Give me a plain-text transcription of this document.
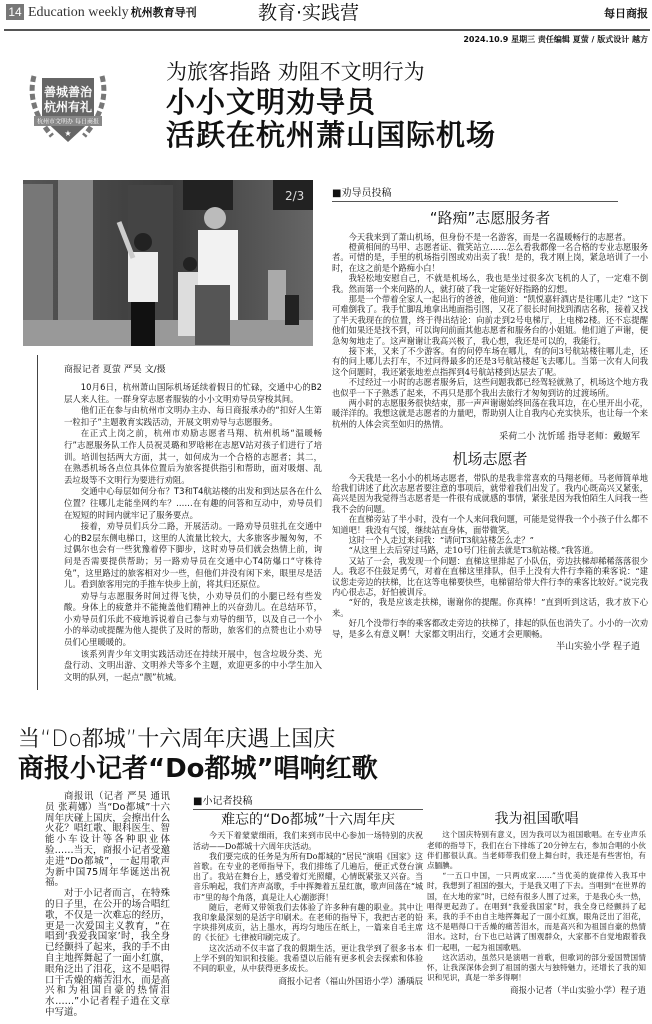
14 Education weekly 杭州教育导刊	教育·实践营	每日商报
2024.10.9 星期三 责任编辑 夏萤 / 版式设计 越方
善城善治
杭州有礼
杭州市文明办 每日商报
★
为旅客指路 劝阻不文明行为
小小文明劝导员
活跃在杭州萧山国际机场
2/3
商报记者 夏萤 严昊 文/摄

10月6日，杭州萧山国际机场延续着假日的忙碌，交通中心的B2层人来人往。一群身穿志愿者服装的小小文明劝导员穿梭其间。

他们正在参与由杭州市文明办主办、每日商报承办的“扣好人生第一粒扣子”主题教育实践活动，开展文明劝导与志愿服务。

在正式上岗之前，杭州市劝励志愿者马翔、杭州机场“温暖畅行”志愿服务队工作人员祝灵璐和罗晗彬在志愿V站对孩子们进行了培训。培训包括两大方面，其一，如何成为一个合格的志愿者；其二，在熟悉机场各点位具体位置后为旅客提供指引和帮助，面对吸烟、乱丢垃圾等不文明行为要进行劝阻。

交通中心每层如何分布？T3和T4航站楼的出发和到达层各在什么位置？往哪儿走能坐网约车？……在有趣的问答和互动中，劝导员们在短短的时间内就牢记了服务要点。

接着，劝导员们兵分二路，开展活动。一路劝导员驻扎在交通中心的B2层东侧电梯口，这里的人流量比较大，大多旅客步履匆匆，不过偶尔也会有一些犹豫着停下脚步，这时劝导员们就会热情上前，询问是否需要提供帮助；另一路劝导员在交通中心T4防爆口“守株待兔”，这里路过的旅客相对少一些，但他们并没有闲下来，眼里尽是活儿。看到旅客用完的手推车快步上前，将其归还原位。

劝导与志愿服务时间过得飞快，小劝导员们的小腿已经有些发酸。身体上的疲惫并不能掩盖他们精神上的兴奋劲儿。在总结环节，小劝导员们乐此不疲地诉说着自己参与劝导的细节，以及自己一个小小的举动或提醒为他人提供了及时的帮助，旅客们的点赞也让小劝导员们心里暖暖的。

该系列青少年文明实践活动还在持续开展中，包含垃圾分类、光盘行动、文明出游、文明养犬等多个主题，欢迎更多的中小学生加入文明的队列，一起点“靓”杭城。

■劝导员投稿
“路痴”志愿服务者

今天我来到了萧山机场，但身份不是一名游客，而是一名温暖畅行的志愿者。

橙黄相间的马甲、志愿者证、微笑站立……怎么看我都像一名合格的专业志愿服务者。可惜的是，手里的机场指引图或劝出卖了我！是的，我才刚上岗，紧急培训了一小时，在这之前是个路痴小白！

我轻松地安慰自己，不就是机场么，我也是坐过很多次飞机的人了，一定难不倒我。然而第一个来问路的人，就打破了我一定能好好指路的幻想。

那是一个带着全家人一起出行的爸爸，他问道：“凯悦嘉轩酒店是往哪儿走？”这下可难倒我了。我手忙脚乱地拿出地面指引图，又花了很长时间找到酒店名称，接着又找了半天我现在的位置，终于得出结论：向前走到2号电梯厅，上电梯2楼。还不忘提醒他们如果还是找不到，可以询问前面其他志愿者和服务台的小姐姐。他们道了声谢，便急匆匆地走了。这声谢谢让我高兴极了，我心想，我还是可以的，我能行。

接下来，又来了不少游客。有的问停车场在哪儿，有的问3号航站楼往哪儿走，还有的问上哪儿去打车，不过问得最多的还是3号航站楼起飞去哪儿。当第一次有人问我这个问题时，我还紧张地差点指挥到4号航站楼到达层去了呢。

不过经过一小时的志愿者服务后，这些问题我都已经驾轻就熟了，机场这个地方我也似乎一下子熟悉了起来，不再只是那个我出去旅行才匆匆到访的过渡场所。

两小时的志愿服务很快结束，那一声声谢谢始终回荡在我耳边，在心里开出小花，暖洋洋的。我想这就是志愿者的力量吧，帮助别人让自我内心充实快乐，也让每一个来杭州的人体会宾至如归的热情。

采荷二小 沈忻瑶 指导老师：戴姬军
机场志愿者

今天我是一名小小的机场志愿者，带队的是我非常喜欢的马翔老师。马老师简单地给我们讲述了此次志愿者要注意的事项后，就带着我们出发了。我内心既高兴又紧张，高兴是因为我觉得当志愿者是一件很有成就感的事情，紧张是因为我怕陌生人问我一些我不会的问题。

在直梯旁站了半小时，没有一个人来问我问题，可能是觉得我一个小孩子什么都不知道吧！我没有气馁，继续站直身体，面带微笑。

这时一个人走过来问我：“请问T3航站楼怎么走？”

“从这里上去后穿过马路，走10号门往前去就是T3航站楼。”我答道。

又站了一会，我发现一个问题：直梯这里排起了小队伍，旁边扶梯却稀稀落落很少人。我忍不住鼓足勇气，对着在直梯这里排队，但手上没有大件行李箱的乘客说：“建议您走旁边的扶梯，比在这等电梯要快些，电梯留给带大件行李的乘客比较好。”说完我内心很忐忑，好怕被训斥。

“好的，我是应该走扶梯，谢谢你的提醒。你真棒！”直到听到这话，我才放下心来。

好几个没带行李的乘客都改走旁边的扶梯了，排起的队伍也消失了。小小的一次劝导，是多么有意义啊！大家都文明出行，交通才会更顺畅。

半山实验小学 程子逍
当“Do都城”十六周年庆遇上国庆
商报小记者“Do都城”唱响红歌

商报讯（记者 严昊 通讯员 张莉娜）当“Do都城”十六周年庆碰上国庆，会擦出什么火花？唱红歌、眼科医生、智能小车设计等各种职业体验……当天，商报小记者受邀走进“Do都城”，一起用歌声为新中国75周年华诞送出祝福。

对于小记者而言，在特殊的日子里，在公开的场合唱红歌，不仅是一次难忘的经历，更是一次爱国主义教育，“在唱到‘我爱我国家’时，我全身已经颤抖了起来，我的手不由自主地挥舞起了一面小红旗，眼角泛出了泪花，这不是唱得口干舌燥的痛苦泪水，而是高兴和为祖国自豪的热情泪水……”小记者程子逍在文章中写道。

■小记者投稿
难忘的“Do都城”十六周年庆

今天下着蒙蒙细雨，我们来到市民中心参加一场特别的庆祝活动——Do都城十六周年庆活动。

我们要完成的任务是为所有Do都城的“居民”演唱《国家》这首歌。在专业的老师指导下，我们排练了几遍后，便正式登台演出了。我站在舞台上，感受着灯光照耀，心情既紧张又兴奋。当音乐响起，我们齐声高歌，手中挥舞着五星红旗，歌声回荡在“城市”里的每个角落，真是让人心潮澎湃！

随后，老师又带领我们去体验了许多种有趣的职业。其中让我印象最深刻的是活字印刷术。在老师的指导下，我把古老的铅字块排列成页，沾上墨水，再均匀地压在纸上，一篇来自毛主席的《长征》七律被印刷完成了。

这次活动不仅丰富了我的假期生活，更让我学到了很多书本上学不到的知识和技能。我希望以后能有更多机会去探索和体验不同的职业，从中获得更多成长。

商报小记者（福山外国语小学）潘瑀辰
我为祖国歌唱

这个国庆特别有意义，因为我可以为祖国歌唱。在专业声乐老师的指导下，我们在台下排练了20分钟左右，参加合唱的小伙伴们都很认真。当老师带我们登上舞台时，我还是有些害怕，有点腼腆。

“一五口中国，一只两成家……”当优美的旋律传入我耳中时，我想到了祖国的强大，于是我又唱了下去。当唱到“在世界的国，在大地的家”时，已经有很多人围了过来，于是我心头一热，唱得更起劲了。在唱到“我爱我国家”时，我全身已经颤抖了起来，我的手不由自主地挥舞起了一面小红旗，眼角泛出了泪花，这不是唱得口干舌燥的痛苦泪水，而是高兴和为祖国自豪的热情泪水。这时，台下也已站满了围观群众，大家都不自觉地跟着我们一起唱，一起为祖国歌唱。

这次活动，虽然只是演唱一首歌，但歌词的部分爱国赞国情怀，让我深深体会到了祖国的强大与独特魅力，还增长了我的知识和见识，真是一举多得啊！

商报小记者（半山实验小学）程子逍
